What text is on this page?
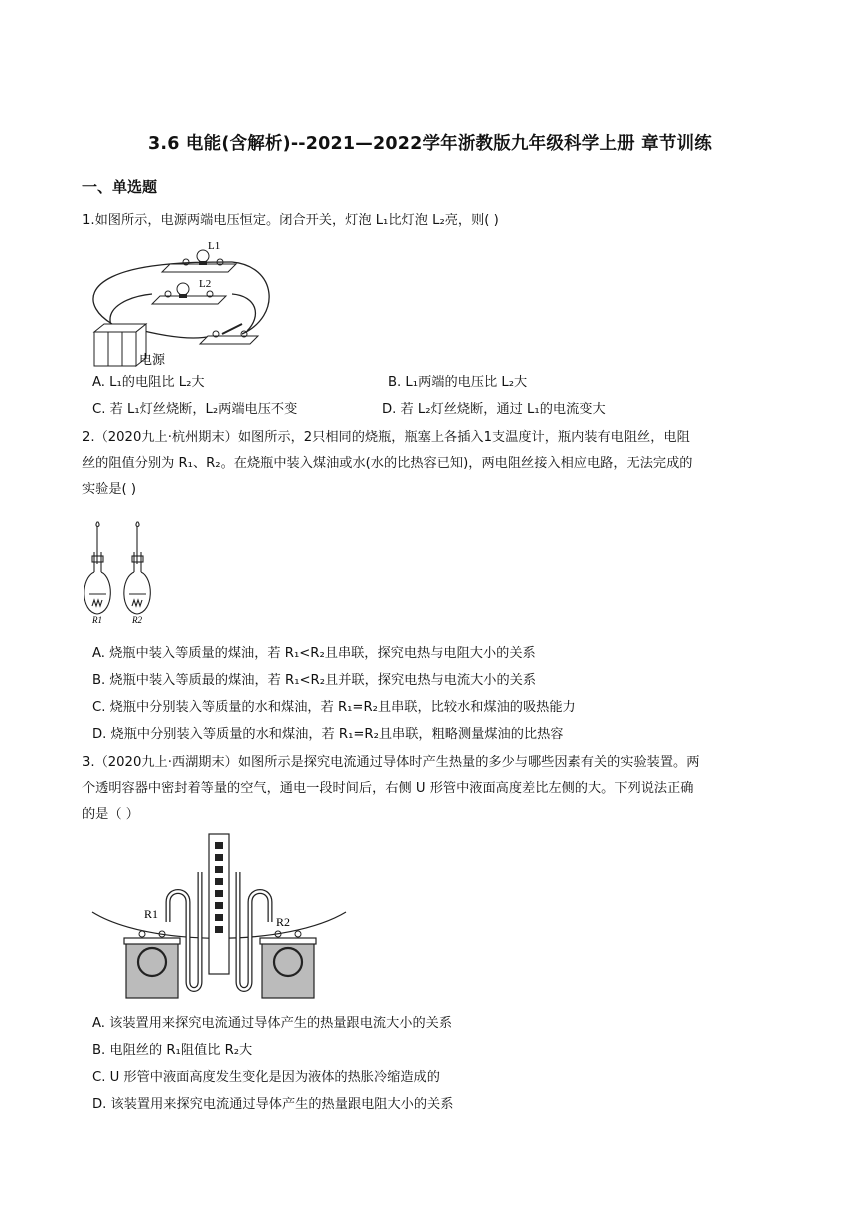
3.6 电能(含解析)--2021—2022学年浙教版九年级科学上册 章节训练
一、单选题
1.如图所示，电源两端电压恒定。闭合开关，灯泡 L₁比灯泡 L₂亮，则( )
L1
L2
电源
A. L₁的电阻比 L₂大	B. L₁两端的电压比 L₂大
C. 若 L₁灯丝烧断，L₂两端电压不变	D. 若 L₂灯丝烧断，通过 L₁的电流变大
2.（2020九上·杭州期末）如图所示，2只相同的烧瓶，瓶塞上各插入1支温度计，瓶内装有电阻丝，电阻
丝的阻值分别为 R₁、R₂。在烧瓶中装入煤油或水(水的比热容已知)，两电阻丝接入相应电路，无法完成的
实验是( )
R1	R2
A. 烧瓶中装入等质量的煤油，若 R₁<R₂且串联，探究电热与电阻大小的关系
B. 烧瓶中装入等质最的煤油，若 R₁<R₂且并联，探究电热与电流大小的关系
C. 烧瓶中分别装入等质量的水和煤油，若 R₁=R₂且串联，比较水和煤油的吸热能力
D. 烧瓶中分别装入等质量的水和煤油，若 R₁=R₂且串联，粗略测量煤油的比热容
3.（2020九上·西湖期末）如图所示是探究电流通过导体时产生热量的多少与哪些因素有关的实验装置。两
个透明容器中密封着等量的空气，通电一段时间后，右侧 U 形管中液面高度差比左侧的大。下列说法正确
的是（ ）
R1
R2
A. 该装置用来探究电流通过导体产生的热量跟电流大小的关系
B. 电阻丝的 R₁阻值比 R₂大
C. U 形管中液面高度发生变化是因为液体的热胀冷缩造成的
D. 该装置用来探究电流通过导体产生的热量跟电阻大小的关系
